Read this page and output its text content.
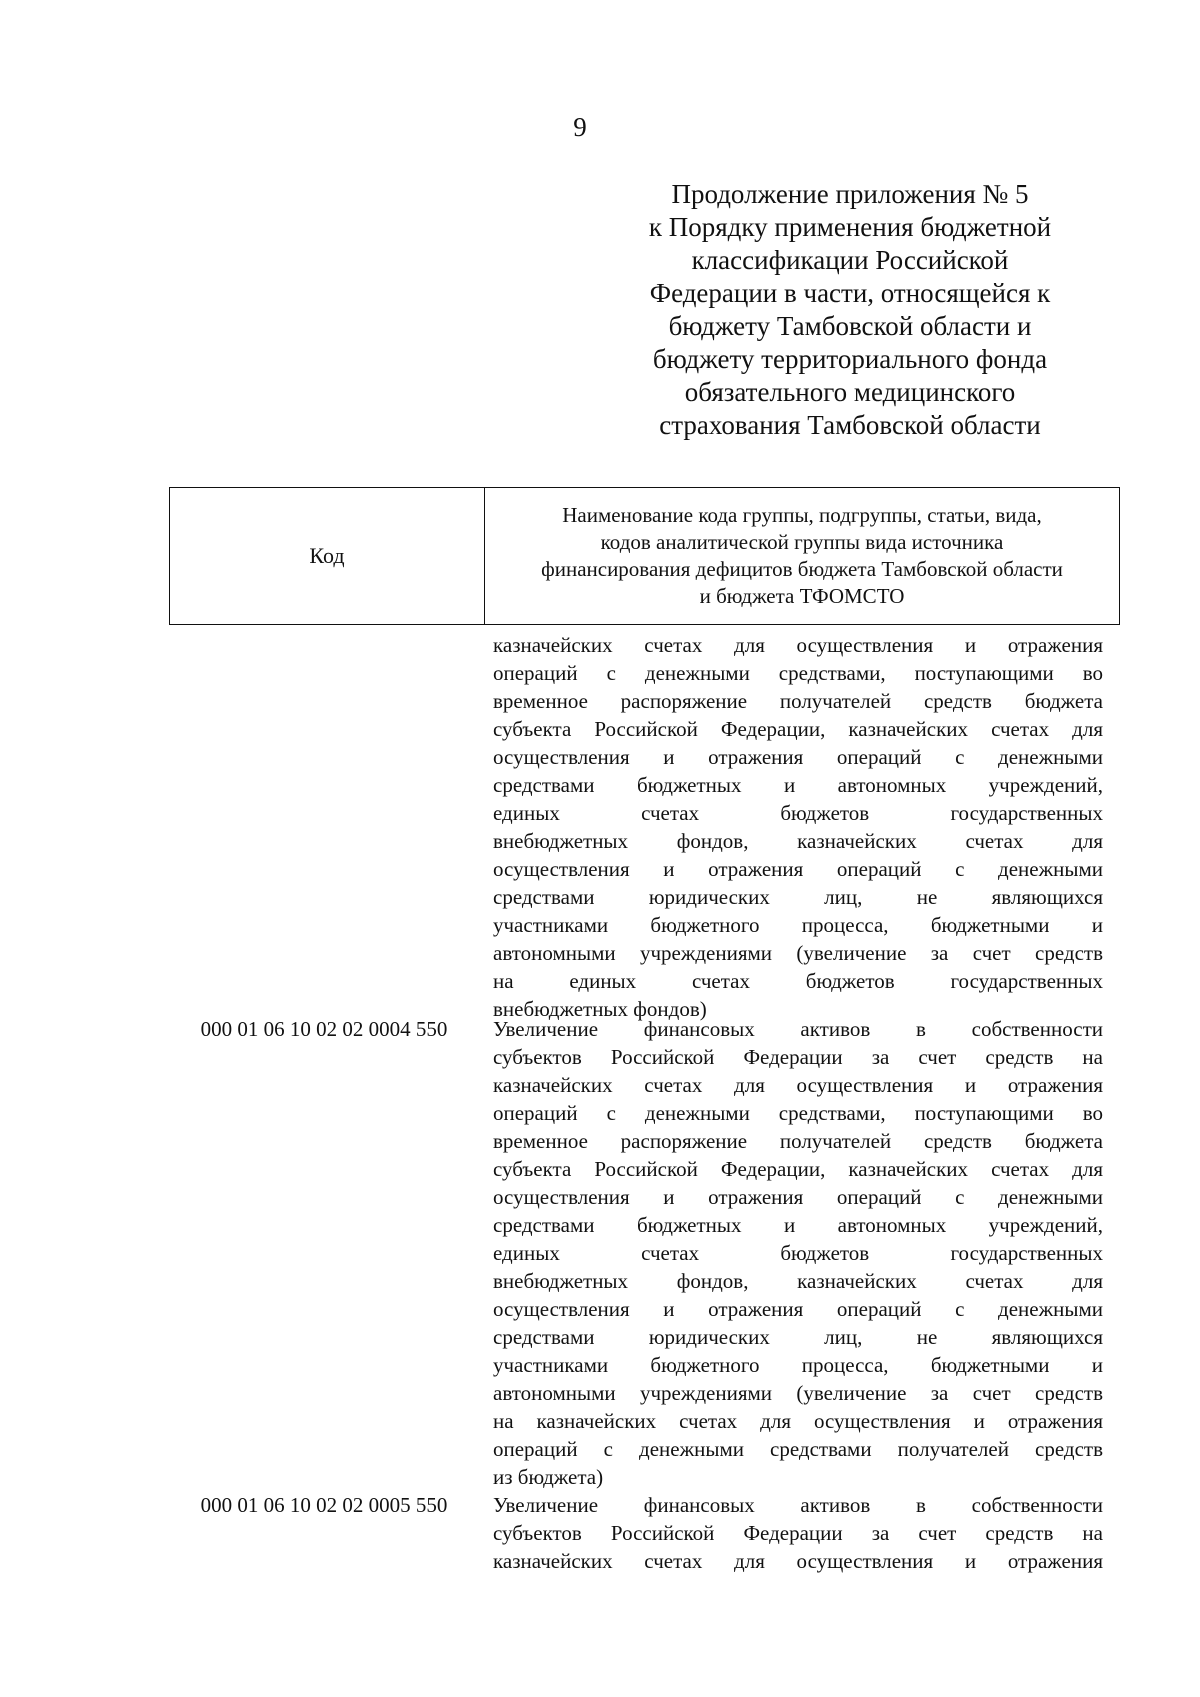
9
Продолжение приложения № 5
к Порядку применения бюджетной
классификации Российской
Федерации в части, относящейся к
бюджету Тамбовской области и
бюджету территориального фонда
обязательного медицинского
страхования Тамбовской области
Код
Наименование кода группы, подгруппы, статьи, вида,
кодов аналитической группы вида источника
финансирования дефицитов бюджета Тамбовской области
и бюджета ТФОМСТО
казначейских счетах для осуществления и отражения
операций с денежными средствами, поступающими во
временное распоряжение получателей средств бюджета
субъекта Российской Федерации, казначейских счетах для
осуществления и отражения операций с денежными
средствами бюджетных и автономных учреждений,
единых счетах бюджетов государственных
внебюджетных фондов, казначейских счетах для
осуществления и отражения операций с денежными
средствами юридических лиц, не являющихся
участниками бюджетного процесса, бюджетными и
автономными учреждениями (увеличение за счет средств
на единых счетах бюджетов государственных
внебюджетных фондов)
000 01 06 10 02 02 0004 550	Увеличение финансовых активов в собственности
субъектов Российской Федерации за счет средств на
казначейских счетах для осуществления и отражения
операций с денежными средствами, поступающими во
временное распоряжение получателей средств бюджета
субъекта Российской Федерации, казначейских счетах для
осуществления и отражения операций с денежными
средствами бюджетных и автономных учреждений,
единых счетах бюджетов государственных
внебюджетных фондов, казначейских счетах для
осуществления и отражения операций с денежными
средствами юридических лиц, не являющихся
участниками бюджетного процесса, бюджетными и
автономными учреждениями (увеличение за счет средств
на казначейских счетах для осуществления и отражения
операций с денежными средствами получателей средств
из бюджета)
000 01 06 10 02 02 0005 550	Увеличение финансовых активов в собственности
субъектов Российской Федерации за счет средств на
казначейских счетах для осуществления и отражения
